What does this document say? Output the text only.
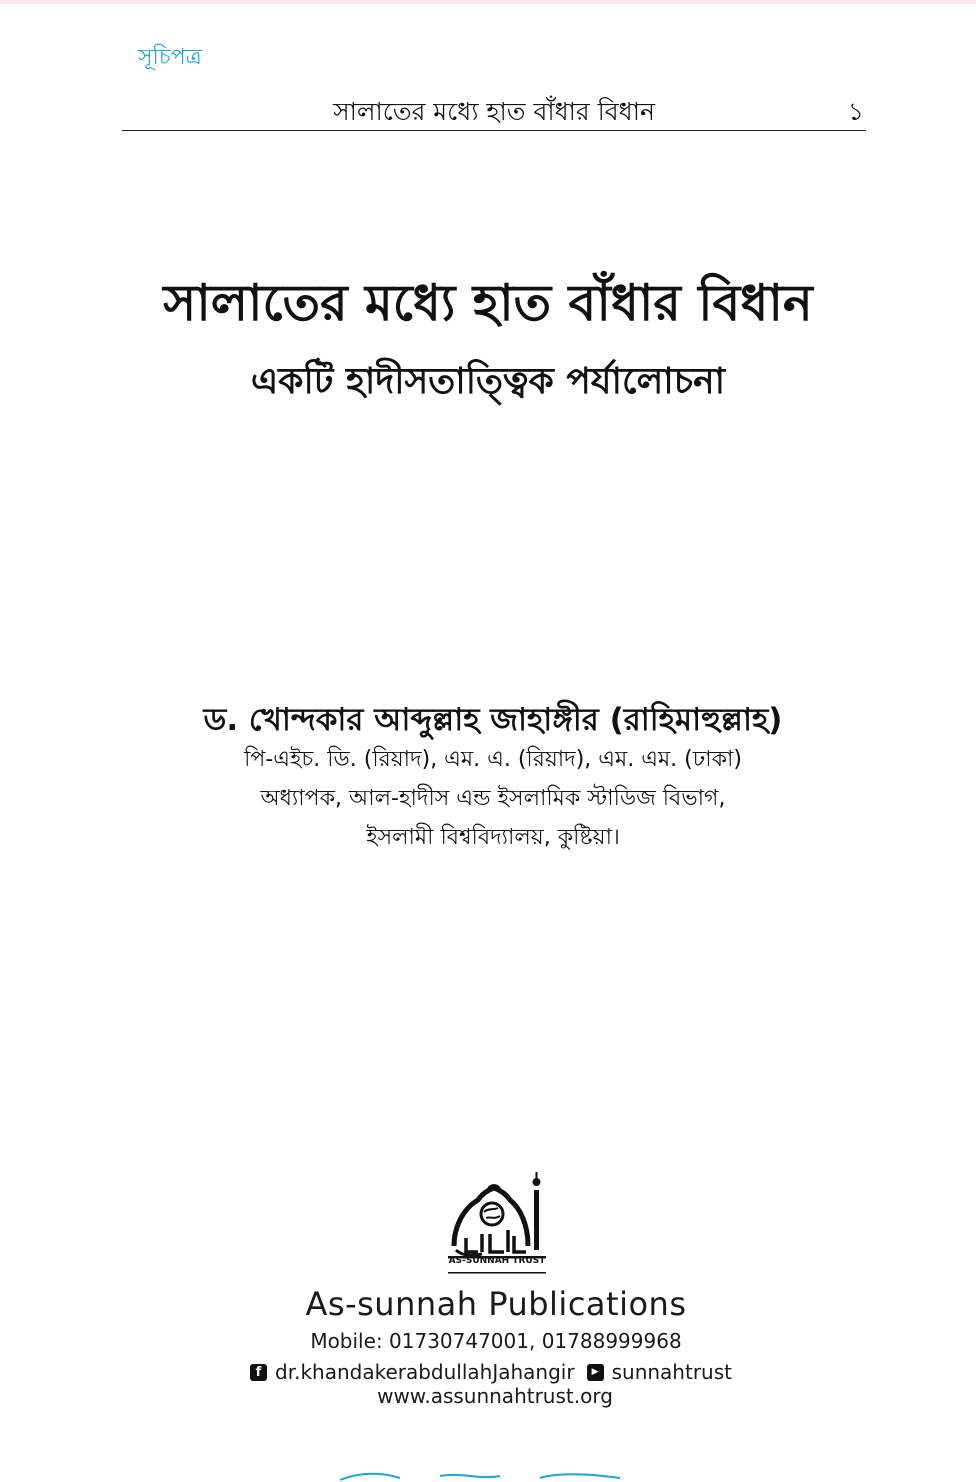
সূচিপত্র
সালাতের মধ্যে হাত বাঁধার বিধান	১
সালাতের মধ্যে হাত বাঁধার বিধান
একটি হাদীসতাত্ত্বিক পর্যালোচনা
ড. খোন্দকার আব্দুল্লাহ জাহাঙ্গীর (রাহিমাহুল্লাহ)
পি-এইচ. ডি. (রিয়াদ), এম. এ. (রিয়াদ), এম. এম. (ঢাকা)
অধ্যাপক, আল-হাদীস এন্ড ইসলামিক স্টাডিজ বিভাগ,
ইসলামী বিশ্ববিদ্যালয়, কুষ্টিয়া।
AS-SUNNAH TRUST
As-sunnah Publications
Mobile: 01730747001, 01788999968
f dr.khandakerabdullahJahangir	▶ sunnahtrust
www.assunnahtrust.org
